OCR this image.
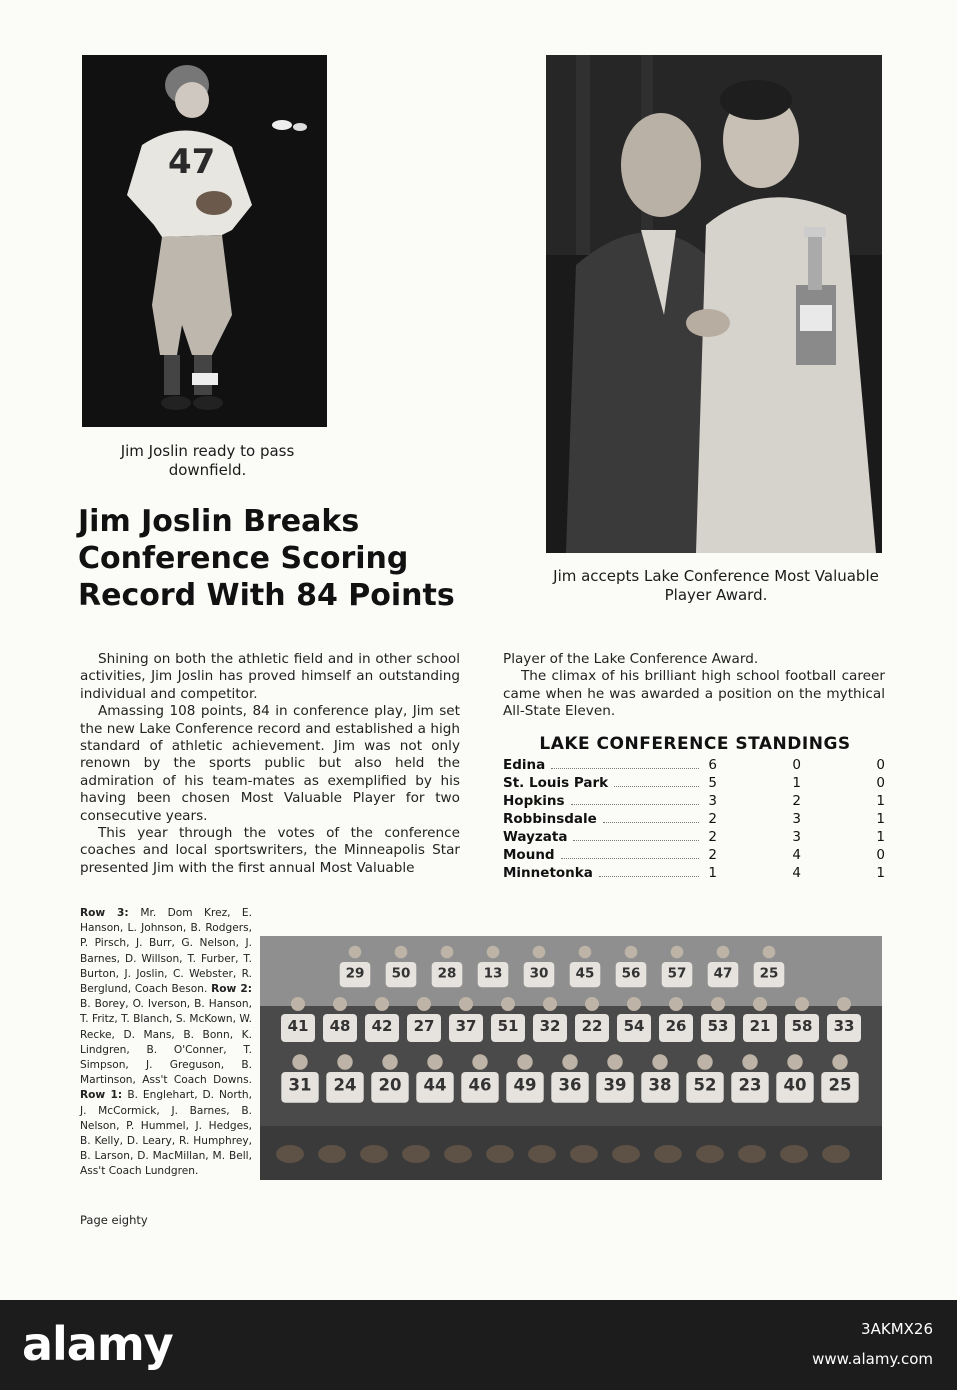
47
Jim Joslin ready to pass downfield.
Jim accepts Lake Conference Most Valuable Player Award.
Jim Joslin Breaks Conference Scoring Record With 84 Points

Shining on both the athletic field and in other school activities, Jim Joslin has proved himself an outstanding individual and competitor.

Amassing 108 points, 84 in conference play, Jim set the new Lake Conference record and established a high standard of athletic achievement. Jim was not only renown by the sports public but also held the admiration of his team-mates as exemplified by his having been chosen Most Valuable Player for two consecutive years.

This year through the votes of the conference coaches and local sportswriters, the Minneapolis Star presented Jim with the first annual Most Valuable

Player of the Lake Conference Award.

The climax of his brilliant high school football career came when he was awarded a position on the mythical All-State Eleven.

LAKE CONFERENCE STANDINGS
Edina	6	0	0
St. Louis Park	5	1	0
Hopkins	3	2	1
Robbinsdale	2	3	1
Wayzata	2	3	1
Mound	2	4	0
Minnetonka	1	4	1
Row 3: Mr. Dom Krez, E. Hanson, L. Johnson, B. Rodgers, P. Pirsch, J. Burr, G. Nelson, J. Barnes, D. Willson, T. Furber, T. Burton, J. Joslin, C. Webster, R. Berglund, Coach Beson. Row 2: B. Borey, O. Iverson, B. Hanson, T. Fritz, T. Blanch, S. McKown, W. Recke, D. Mans, B. Bonn, K. Lindgren, B. O'Conner, T. Simpson, J. Greguson, B. Martinson, Ass't Coach Downs. Row 1: B. Englehart, D. North, J. McCormick, J. Barnes, B. Nelson, P. Hummel, J. Hedges, B. Kelly, D. Leary, R. Humphrey, B. Larson, D. MacMillan, M. Bell, Ass't Coach Lundgren.
29 50 28 13 30 45 56 57 47 25
41 48 42 27 37 51 32 22 54 26 53 21 58 33
31 24 20 44 46 49 36 39 38 52 23 40 25
Page eighty
alamy	3AKMX26
www.alamy.com
